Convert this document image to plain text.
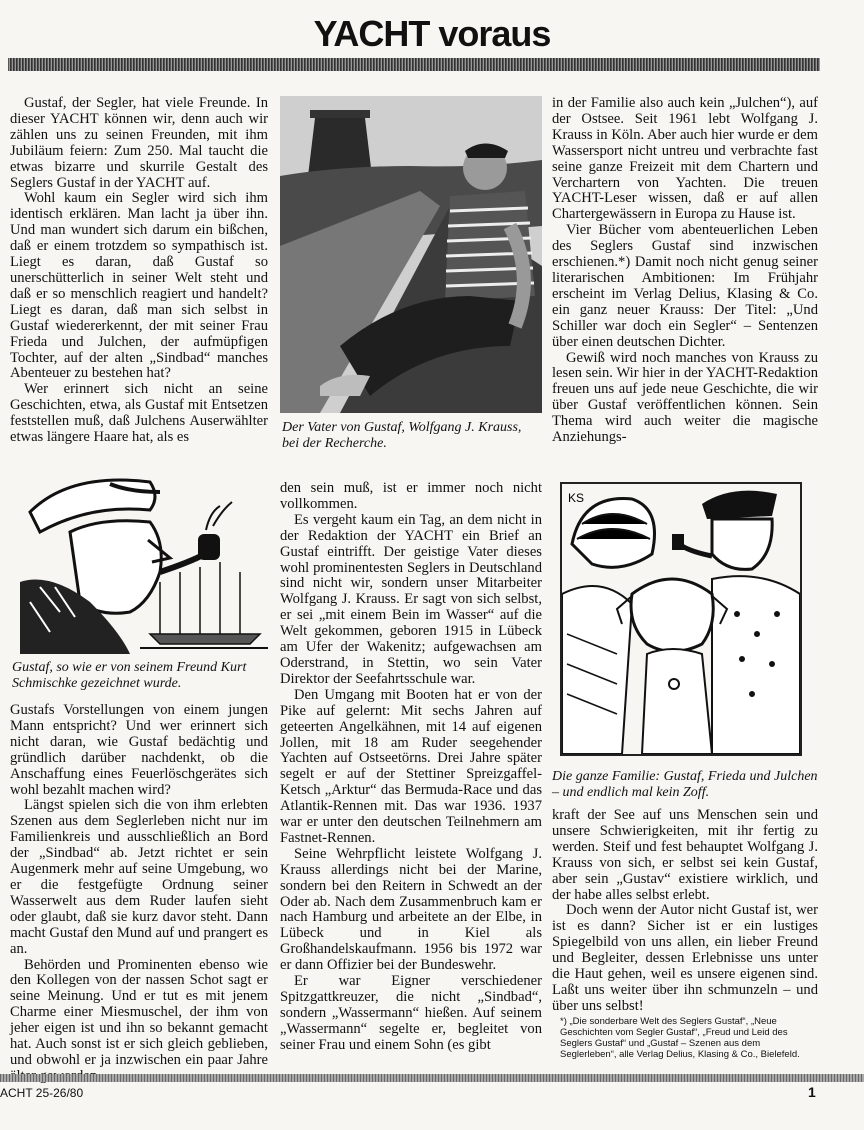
YACHT voraus

Gustaf, der Segler, hat viele Freunde. In dieser YACHT können wir, denn auch wir zählen uns zu seinen Freunden, mit ihm Jubiläum feiern: Zum 250. Mal taucht die etwas bizarre und skurrile Gestalt des Seglers Gustaf in der YACHT auf.

Wohl kaum ein Segler wird sich ihm identisch erklären. Man lacht ja über ihn. Und man wundert sich darum ein bißchen, daß er einem trotzdem so sympathisch ist. Liegt es daran, daß Gustaf so unerschütterlich in seiner Welt steht und daß er so menschlich reagiert und handelt? Liegt es daran, daß man sich selbst in Gustaf wiedererkennt, der mit seiner Frau Frieda und Julchen, der aufmüpfigen Tochter, auf der alten „Sindbad“ manches Abenteuer zu bestehen hat?

Wer erinnert sich nicht an seine Geschichten, etwa, als Gustaf mit Entsetzen feststellen muß, daß Julchens Auserwählter etwas längere Haare hat, als es

Gustaf, so wie er von seinem Freund Kurt Schmischke gezeichnet wurde.

Gustafs Vorstellungen von einem jungen Mann entspricht? Und wer erinnert sich nicht daran, wie Gustaf bedächtig und gründlich darüber nachdenkt, ob die Anschaffung eines Feuerlöschgerätes sich wohl bezahlt machen wird?

Längst spielen sich die von ihm erlebten Szenen aus dem Seglerleben nicht nur im Familienkreis und ausschließlich an Bord der „Sindbad“ ab. Jetzt richtet er sein Augenmerk mehr auf seine Umgebung, wo er die festgefügte Ordnung seiner Wasserwelt aus dem Ruder laufen sieht oder glaubt, daß sie kurz davor steht. Dann macht Gustaf den Mund auf und prangert es an.

Behörden und Prominenten ebenso wie den Kollegen von der nassen Schot sagt er seine Meinung. Und er tut es mit jenem Charme einer Miesmuschel, der ihm von jeher eigen ist und ihn so bekannt gemacht hat. Auch sonst ist er sich gleich geblieben, und obwohl er ja inzwischen ein paar Jahre

Der Vater von Gustaf, Wolfgang J. Krauss, bei der Recherche.

den sein muß, ist er immer noch nicht vollkommen.

Es vergeht kaum ein Tag, an dem nicht in der Redaktion der YACHT ein Brief an Gustaf eintrifft. Der geistige Vater dieses wohl prominentesten Seglers in Deutschland sind nicht wir, sondern unser Mitarbeiter Wolfgang J. Krauss. Er sagt von sich selbst, er sei „mit einem Bein im Wasser“ auf die Welt gekommen, geboren 1915 in Lübeck am Ufer der Wakenitz; aufgewachsen am Oderstrand, in Stettin, wo sein Vater Direktor der Seefahrtsschule war.

Den Umgang mit Booten hat er von der Pike auf gelernt: Mit sechs Jahren auf geteerten Angelkähnen, mit 14 auf eigenen Jollen, mit 18 am Ruder seegehender Yachten auf Ostseetörns. Drei Jahre später segelt er auf der Stettiner Spreizgaffel-Ketsch „Arktur“ das Bermuda-Race und das Atlantik-Rennen mit. Das war 1936. 1937 war er unter den deutschen Teilnehmern am Fastnet-Rennen.

Seine Wehrpflicht leistete Wolfgang J. Krauss allerdings nicht bei der Marine, sondern bei den Reitern in Schwedt an der Oder ab. Nach dem Zusammenbruch kam er nach Hamburg und arbeitete an der Elbe, in Lübeck und in Kiel als Großhandelskaufmann. 1956 bis 1972 war er dann Offizier bei der Bundeswehr.

Er war Eigner verschiedener Spitzgattkreuzer, die nicht „Sindbad“, sondern „Wassermann“ hießen. Auf seinem „Wassermann“ segelte er, begleitet von seiner Frau und einem Sohn (es gibt

in der Familie also auch kein „Julchen“), auf der Ostsee. Seit 1961 lebt Wolfgang J. Krauss in Köln. Aber auch hier wurde er dem Wassersport nicht untreu und verbrachte fast seine ganze Freizeit mit dem Chartern und Verchartern von Yachten. Die treuen YACHT-Leser wissen, daß er auf allen Chartergewässern in Europa zu Hause ist.

Vier Bücher vom abenteuerlichen Leben des Seglers Gustaf sind inzwischen erschienen.*) Damit noch nicht genug seiner literarischen Ambitionen: Im Frühjahr erscheint im Verlag Delius, Klasing & Co. ein ganz neuer Krauss: Der Titel: „Und Schiller war doch ein Segler“ – Sentenzen über einen deutschen Dichter.

Gewiß wird noch manches von Krauss zu lesen sein. Wir hier in der YACHT-Redaktion freuen uns auf jede neue Geschichte, die wir über Gustaf veröffentlichen können. Sein Thema wird auch weiter die magische Anziehungs-

KS
Die ganze Familie: Gustaf, Frieda und Julchen – und endlich mal kein Zoff.

kraft der See auf uns Menschen sein und unsere Schwierigkeiten, mit ihr fertig zu werden. Steif und fest behauptet Wolfgang J. Krauss von sich, er selbst sei kein Gustaf, aber sein „Gustav“ existiere wirklich, und der habe alles selbst erlebt.

Doch wenn der Autor nicht Gustaf ist, wer ist es dann? Sicher ist er ein lustiges Spiegelbild von uns allen, ein lieber Freund und Begleiter, dessen Erlebnisse uns unter die Haut gehen, weil es unsere eigenen sind. Laßt uns weiter über ihn schmunzeln – und über uns selbst!

*) „Die sonderbare Welt des Seglers Gustaf“, „Neue Geschichten vom Segler Gustaf“, „Freud und Leid des Seglers Gustaf“ und „Gustaf – Szenen aus dem Seglerleben“, alle Verlag Delius, Klasing & Co., Bielefeld.
ACHT 25-26/80	1
